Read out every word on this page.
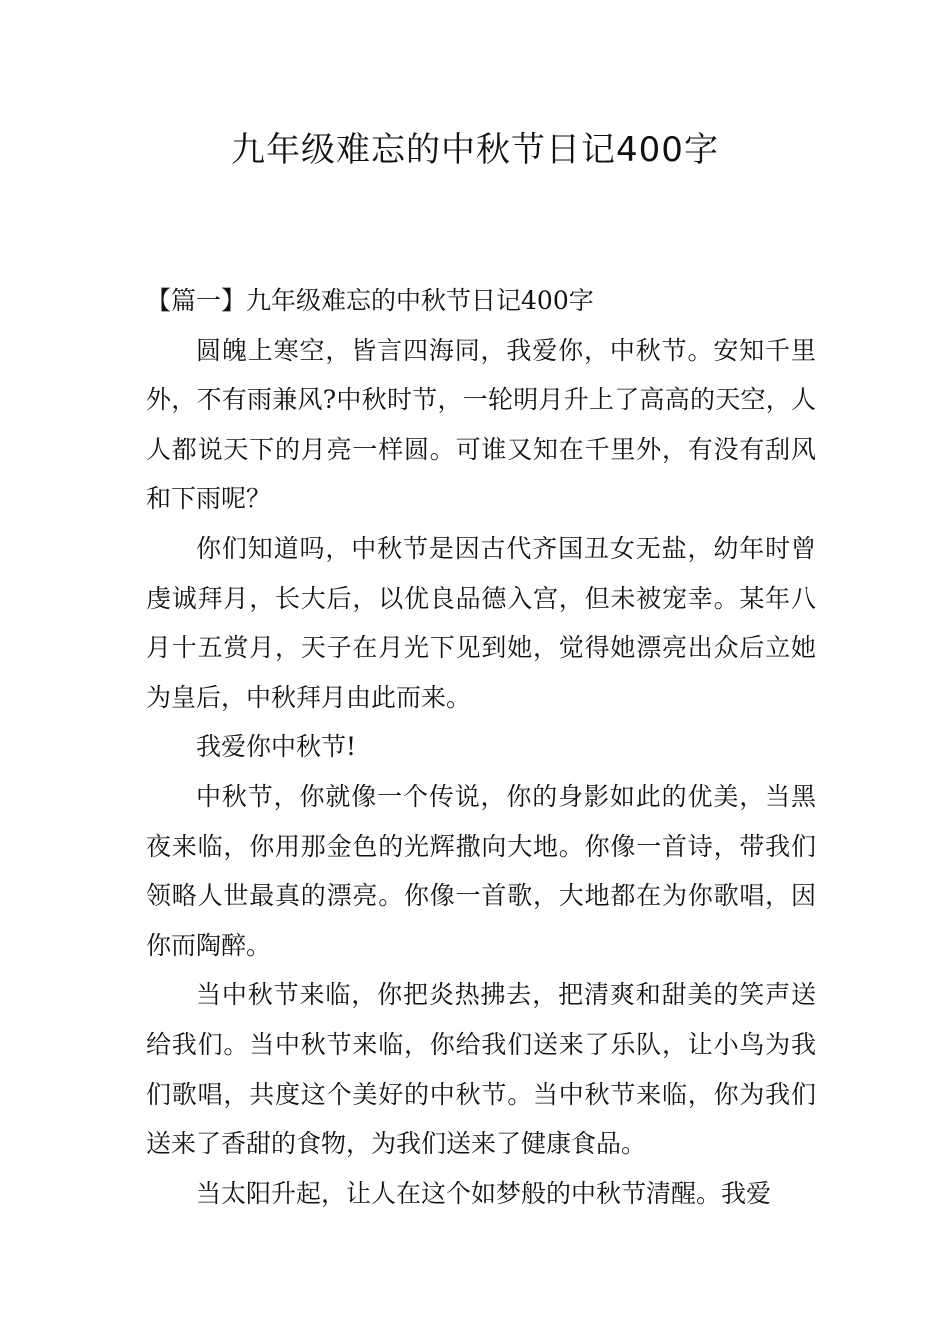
九年级难忘的中秋节日记400字

【篇一】九年级难忘的中秋节日记400字

圆魄上寒空，皆言四海同，我爱你，中秋节。安知千里外，不有雨兼风?中秋时节，一轮明月升上了高高的天空，人人都说天下的月亮一样圆。可谁又知在千里外，有没有刮风和下雨呢？

你们知道吗，中秋节是因古代齐国丑女无盐，幼年时曾虔诚拜月，长大后，以优良品德入宫，但未被宠幸。某年八月十五赏月，天子在月光下见到她，觉得她漂亮出众后立她为皇后，中秋拜月由此而来。

我爱你中秋节!

中秋节，你就像一个传说，你的身影如此的优美，当黑夜来临，你用那金色的光辉撒向大地。你像一首诗，带我们领略人世最真的漂亮。你像一首歌，大地都在为你歌唱，因你而陶醉。

当中秋节来临，你把炎热拂去，把清爽和甜美的笑声送给我们。当中秋节来临，你给我们送来了乐队，让小鸟为我们歌唱，共度这个美好的中秋节。当中秋节来临，你为我们送来了香甜的食物，为我们送来了健康食品。

当太阳升起，让人在这个如梦般的中秋节清醒。我爱
